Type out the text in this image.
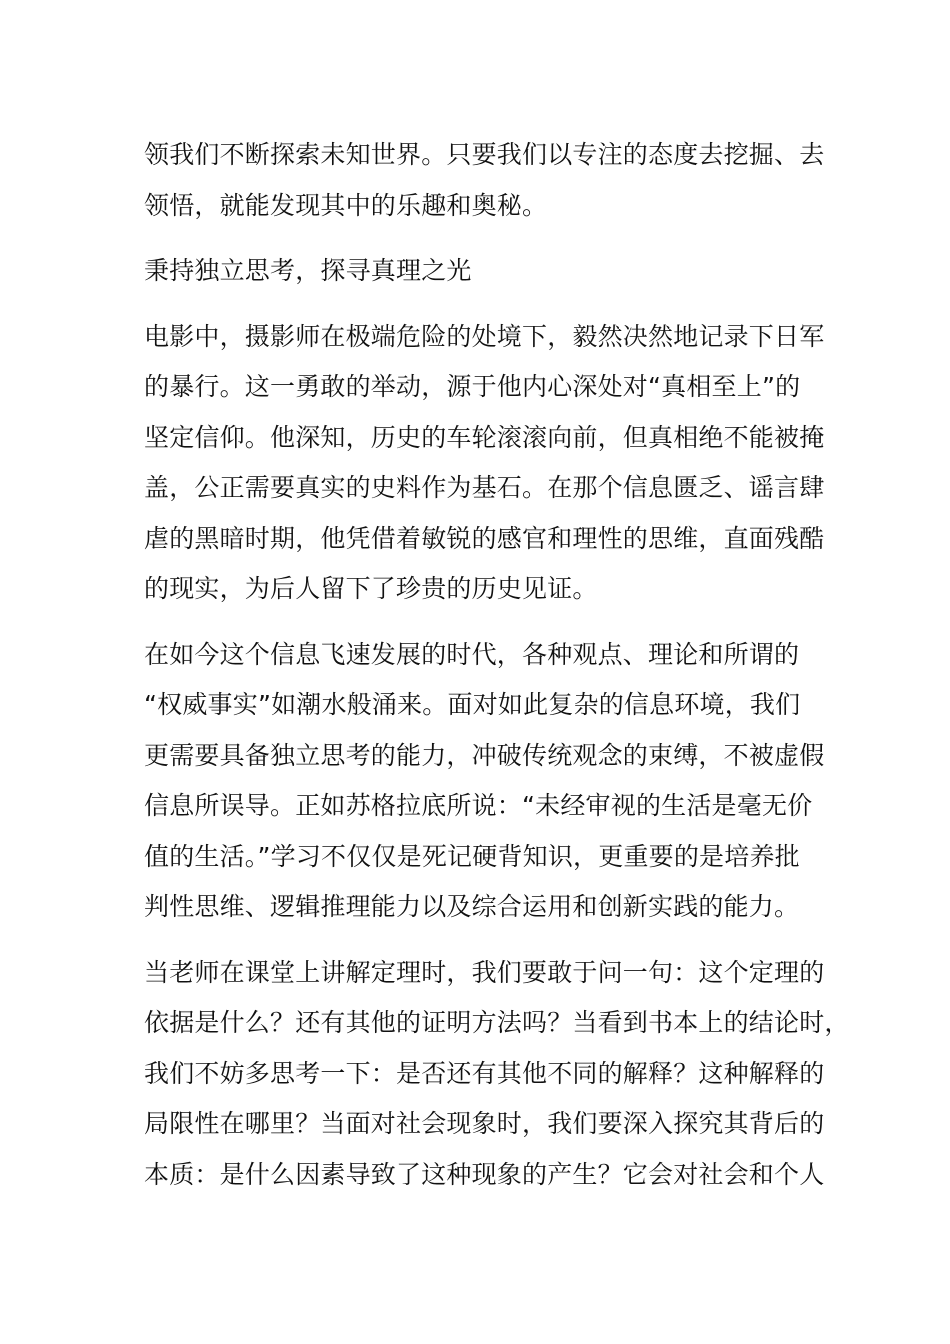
领我们不断探索未知世界。只要我们以专注的态度去挖掘、去
领悟，就能发现其中的乐趣和奥秘。

秉持独立思考，探寻真理之光

电影中，摄影师在极端危险的处境下，毅然决然地记录下日军
的暴行。这一勇敢的举动，源于他内心深处对“真相至上”的
坚定信仰。他深知，历史的车轮滚滚向前，但真相绝不能被掩
盖，公正需要真实的史料作为基石。在那个信息匮乏、谣言肆
虐的黑暗时期，他凭借着敏锐的感官和理性的思维，直面残酷
的现实，为后人留下了珍贵的历史见证。

在如今这个信息飞速发展的时代，各种观点、理论和所谓的
“权威事实”如潮水般涌来。面对如此复杂的信息环境，我们
更需要具备独立思考的能力，冲破传统观念的束缚，不被虚假
信息所误导。正如苏格拉底所说：“未经审视的生活是毫无价
值的生活。”学习不仅仅是死记硬背知识，更重要的是培养批
判性思维、逻辑推理能力以及综合运用和创新实践的能力。

当老师在课堂上讲解定理时，我们要敢于问一句：这个定理的
依据是什么？还有其他的证明方法吗？当看到书本上的结论时，
我们不妨多思考一下：是否还有其他不同的解释？这种解释的
局限性在哪里？当面对社会现象时，我们要深入探究其背后的
本质：是什么因素导致了这种现象的产生？它会对社会和个人
